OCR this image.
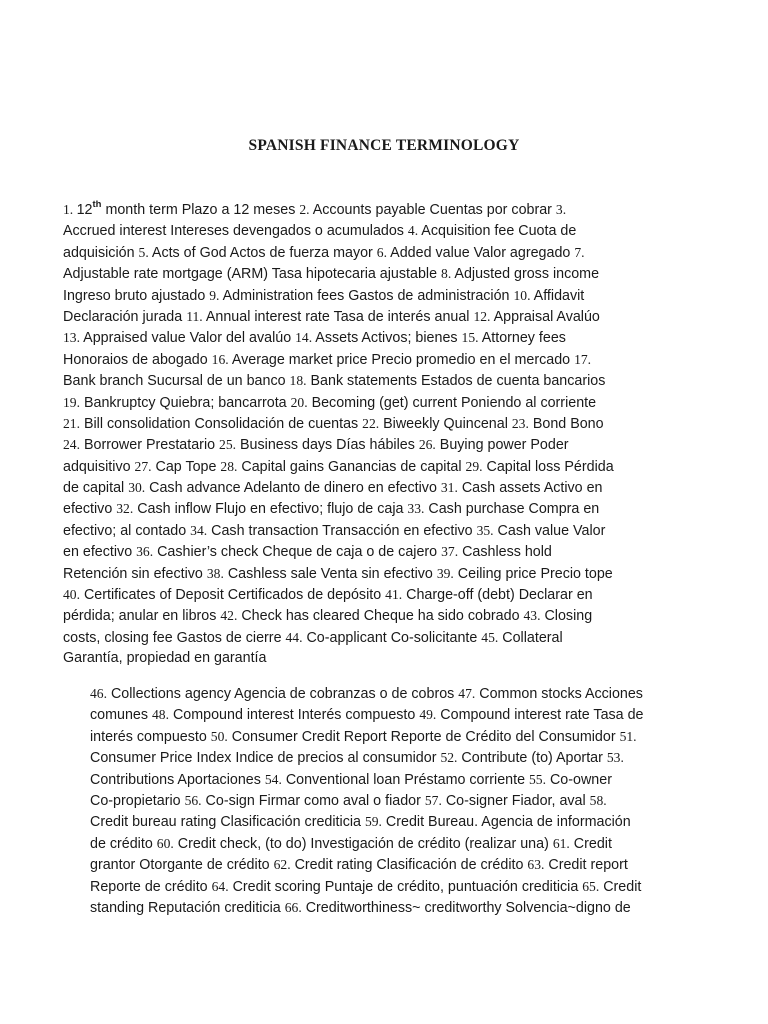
SPANISH FINANCE TERMINOLOGY

1. 12th month term Plazo a 12 meses 2. Accounts payable Cuentas por cobrar 3.
Accrued interest Intereses devengados o acumulados 4. Acquisition fee Cuota de
adquisición 5. Acts of God Actos de fuerza mayor 6. Added value Valor agregado 7.
Adjustable rate mortgage (ARM) Tasa hipotecaria ajustable 8. Adjusted gross income
Ingreso bruto ajustado 9. Administration fees Gastos de administración 10. Affidavit
Declaración jurada 11. Annual interest rate Tasa de interés anual 12. Appraisal Avalúo
13. Appraised value Valor del avalúo 14. Assets Activos; bienes 15. Attorney fees
Honoraios de abogado 16. Average market price Precio promedio en el mercado 17.
Bank branch Sucursal de un banco 18. Bank statements Estados de cuenta bancarios
19. Bankruptcy Quiebra; bancarrota 20. Becoming (get) current Poniendo al corriente
21. Bill consolidation Consolidación de cuentas 22. Biweekly Quincenal 23. Bond Bono
24. Borrower Prestatario 25. Business days Días hábiles 26. Buying power Poder
adquisitivo 27. Cap Tope 28. Capital gains Ganancias de capital 29. Capital loss Pérdida
de capital 30. Cash advance Adelanto de dinero en efectivo 31. Cash assets Activo en
efectivo 32. Cash inflow Flujo en efectivo; flujo de caja 33. Cash purchase Compra en
efectivo; al contado 34. Cash transaction Transacción en efectivo 35. Cash value Valor
en efectivo 36. Cashier’s check Cheque de caja o de cajero 37. Cashless hold
Retención sin efectivo 38. Cashless sale Venta sin efectivo 39. Ceiling price Precio tope
40. Certificates of Deposit Certificados de depósito 41. Charge-off (debt) Declarar en
pérdida; anular en libros 42. Check has cleared Cheque ha sido cobrado 43. Closing
costs, closing fee Gastos de cierre 44. Co-applicant Co-solicitante 45. Collateral
Garantía, propiedad en garantía

46. Collections agency Agencia de cobranzas o de cobros 47. Common stocks Acciones
comunes 48. Compound interest Interés compuesto 49. Compound interest rate Tasa de
interés compuesto 50. Consumer Credit Report Reporte de Crédito del Consumidor 51.
Consumer Price Index Indice de precios al consumidor 52. Contribute (to) Aportar 53.
Contributions Aportaciones 54. Conventional loan Préstamo corriente 55. Co-owner
Co-propietario 56. Co-sign Firmar como aval o fiador 57. Co-signer Fiador, aval 58.
Credit bureau rating Clasificación crediticia 59. Credit Bureau. Agencia de información
de crédito 60. Credit check, (to do) Investigación de crédito (realizar una) 61. Credit
grantor Otorgante de crédito 62. Credit rating Clasificación de crédito 63. Credit report
Reporte de crédito 64. Credit scoring Puntaje de crédito, puntuación crediticia 65. Credit
standing Reputación crediticia 66. Creditworthiness~ creditworthy Solvencia~digno de
